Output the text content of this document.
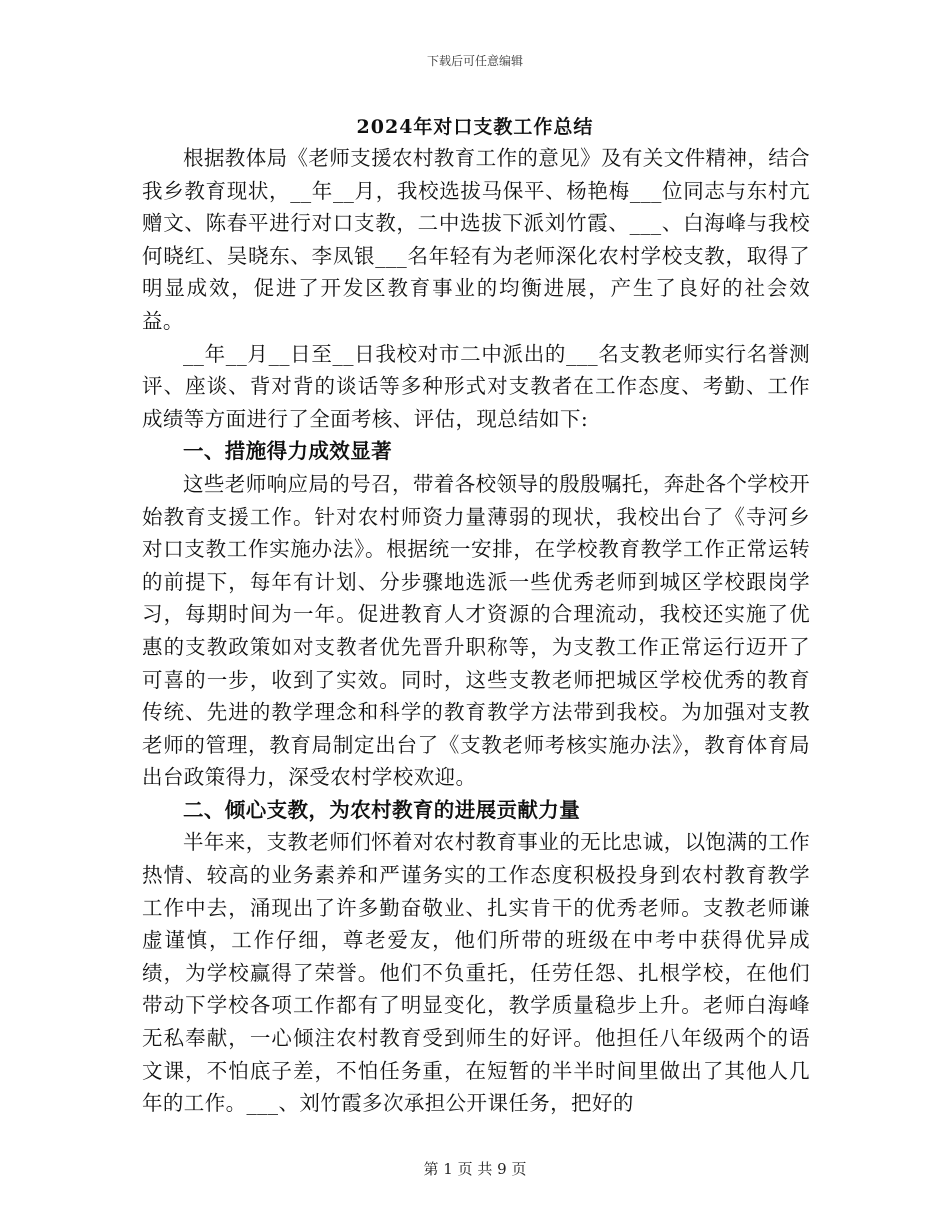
下载后可任意编辑
2024年对口支教工作总结

根据教体局《老师支援农村教育工作的意见》及有关文件精神，结合我乡教育现状，__年__月，我校选拔马保平、杨艳梅___位同志与东村亢赠文、陈春平进行对口支教，二中选拔下派刘竹霞、___、白海峰与我校何晓红、吴晓东、李凤银___名年轻有为老师深化农村学校支教，取得了明显成效，促进了开发区教育事业的均衡进展，产生了良好的社会效益。

__年__月__日至__日我校对市二中派出的___名支教老师实行名誉测评、座谈、背对背的谈话等多种形式对支教者在工作态度、考勤、工作成绩等方面进行了全面考核、评估，现总结如下:

一、措施得力成效显著

这些老师响应局的号召，带着各校领导的殷殷嘱托，奔赴各个学校开始教育支援工作。针对农村师资力量薄弱的现状，我校出台了《寺河乡对口支教工作实施办法》。根据统一安排，在学校教育教学工作正常运转的前提下，每年有计划、分步骤地选派一些优秀老师到城区学校跟岗学习，每期时间为一年。促进教育人才资源的合理流动，我校还实施了优惠的支教政策如对支教者优先晋升职称等，为支教工作正常运行迈开了可喜的一步，收到了实效。同时，这些支教老师把城区学校优秀的教育传统、先进的教学理念和科学的教育教学方法带到我校。为加强对支教老师的管理，教育局制定出台了《支教老师考核实施办法》，教育体育局出台政策得力，深受农村学校欢迎。

二、倾心支教，为农村教育的进展贡献力量

半年来，支教老师们怀着对农村教育事业的无比忠诚，以饱满的工作热情、较高的业务素养和严谨务实的工作态度积极投身到农村教育教学工作中去，涌现出了许多勤奋敬业、扎实肯干的优秀老师。支教老师谦虚谨慎，工作仔细，尊老爱友，他们所带的班级在中考中获得优异成绩，为学校赢得了荣誉。他们不负重托，任劳任怨、扎根学校，在他们带动下学校各项工作都有了明显变化，教学质量稳步上升。老师白海峰无私奉献，一心倾注农村教育受到师生的好评。他担任八年级两个的语文课，不怕底子差，不怕任务重，在短暂的半半时间里做出了其他人几年的工作。___、刘竹霞多次承担公开课任务，把好的

第 1 页 共 9 页
